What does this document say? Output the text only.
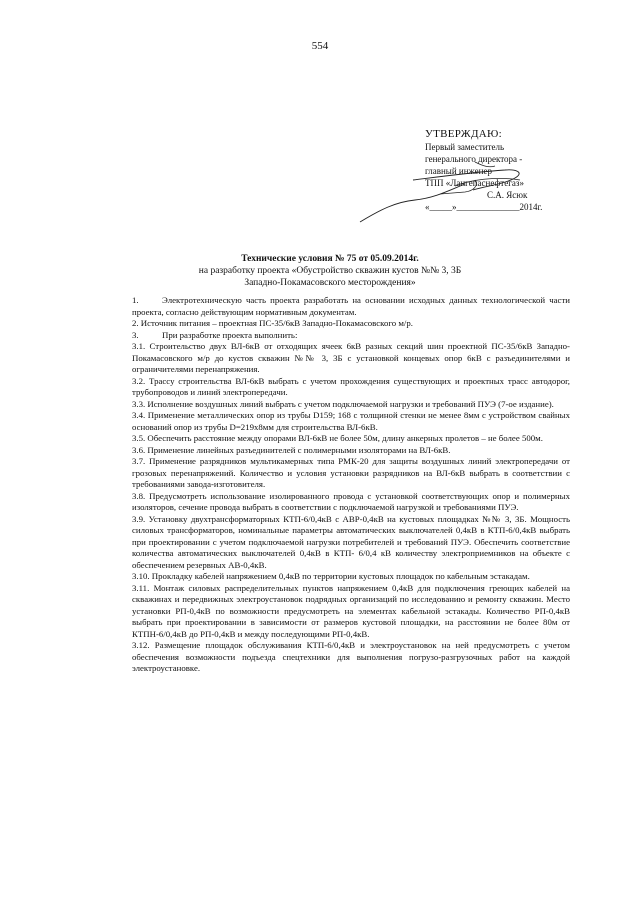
554
УТВЕРЖДАЮ:
Первый заместитель
генерального директора -
главный инженер
ТПП «Лангепаснефтегаз»
С.А. Ясюк
«_____»______________2014г.
Технические условия № 75 от 05.09.2014г.
на разработку проекта «Обустройство скважин кустов №№ 3, 3Б
Западно-Покамасовского месторождения»

1.	Электротехническую часть проекта разработать на основании исходных данных технологической части проекта, согласно действующим нормативным документам.

2. Источник питания – проектная ПС-35/6кВ Западно-Покамасовского м/р.

3.	При разработке проекта выполнить:

3.1. Строительство двух ВЛ-6кВ от отходящих ячеек 6кВ разных секций шин проектной ПС-35/6кВ Западно-Покамасовского м/р до кустов скважин №№ 3, 3Б с установкой концевых опор 6кВ с разъединителями и ограничителями перенапряжения.

3.2. Трассу строительства ВЛ-6кВ выбрать с учетом прохождения существующих и проектных трасс автодорог, трубопроводов и линий электропередачи.

3.3. Исполнение воздушных линий выбрать с учетом подключаемой нагрузки и требований ПУЭ (7-ое издание).

3.4. Применение металлических опор из трубы D159; 168 с толщиной стенки не менее 8мм с устройством свайных оснований опор из трубы D=219х8мм для строительства ВЛ-6кВ.

3.5. Обеспечить расстояние между опорами ВЛ-6кВ не более 50м, длину анкерных пролетов – не более 500м.

3.6. Применение линейных разъединителей с полимерными изоляторами на ВЛ-6кВ.

3.7. Применение разрядников мультикамерных типа РМК-20 для защиты воздушных линий электропередачи от грозовых перенапряжений. Количество и условия установки разрядников на ВЛ-6кВ выбрать в соответствии с требованиями завода-изготовителя.

3.8. Предусмотреть использование изолированного провода с установкой соответствующих опор и полимерных изоляторов, сечение провода выбрать в соответствии с подключаемой нагрузкой и требованиями ПУЭ.

3.9. Установку двухтрансформаторных КТП-6/0,4кВ с АВР-0,4кВ на кустовых площадках №№ 3, 3Б. Мощность силовых трансформаторов, номинальные параметры автоматических выключателей 0,4кВ в КТП-6/0,4кВ выбрать при проектировании с учетом подключаемой нагрузки потребителей и требований ПУЭ. Обеспечить соответствие количества автоматических выключателей 0,4кВ в КТП- 6/0,4 кВ количеству электроприемников на объекте с обеспечением резервных АВ-0,4кВ.

3.10. Прокладку кабелей напряжением 0,4кВ по территории кустовых площадок по кабельным эстакадам.

3.11. Монтаж силовых распределительных пунктов напряжением 0,4кВ для подключения греющих кабелей на скважинах и передвижных электроустановок подрядных организаций по исследованию и ремонту скважин. Место установки РП-0,4кВ по возможности предусмотреть на элементах кабельной эстакады. Количество РП-0,4кВ выбрать при проектировании в зависимости от размеров кустовой площадки, на расстоянии не более 80м от КТПН-6/0,4кВ до РП-0,4кВ и между последующими РП-0,4кВ.

3.12. Размещение площадок обслуживания КТП-6/0,4кВ и электроустановок на ней предусмотреть с учетом обеспечения возможности подъезда спецтехники для выполнения погрузо-разгрузочных работ на каждой электроустановке.
